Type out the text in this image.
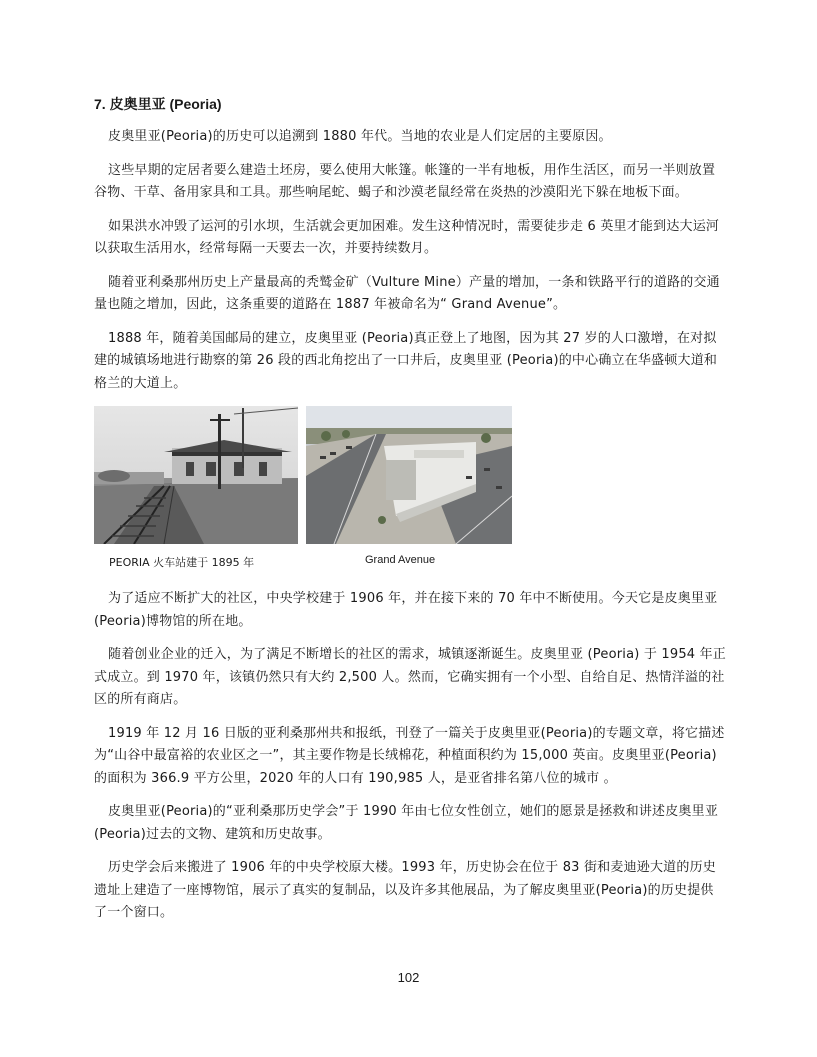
7. 皮奥里亚 (Peoria)

皮奥里亚(Peoria)的历史可以追溯到 1880 年代。当地的农业是人们定居的主要原因。

这些早期的定居者要么建造土坯房，要么使用大帐篷。帐篷的一半有地板，用作生活区，而另一半则放置谷物、干草、备用家具和工具。那些响尾蛇、蝎子和沙漠老鼠经常在炎热的沙漠阳光下躲在地板下面。

如果洪水冲毁了运河的引水坝，生活就会更加困难。发生这种情况时，需要徒步走 6 英里才能到达大运河以获取生活用水，经常每隔一天要去一次，并要持续数月。

随着亚利桑那州历史上产量最高的秃鹫金矿（Vulture Mine）产量的增加，一条和铁路平行的道路的交通量也随之增加，因此，这条重要的道路在 1887 年被命名为“ Grand Avenue”。

1888 年，随着美国邮局的建立，皮奥里亚 (Peoria)真正登上了地图，因为其 27 岁的人口激增，在对拟建的城镇场地进行勘察的第 26 段的西北角挖出了一口井后，皮奥里亚 (Peoria)的中心确立在华盛顿大道和格兰的大道上。

PEORIA 火车站建于 1895 年	Grand Avenue

为了适应不断扩大的社区，中央学校建于 1906 年，并在接下来的 70 年中不断使用。今天它是皮奥里亚(Peoria)博物馆的所在地。

随着创业企业的迁入，为了满足不断增长的社区的需求，城镇逐渐诞生。皮奥里亚 (Peoria) 于 1954 年正式成立。到 1970 年，该镇仍然只有大约 2,500 人。然而，它确实拥有一个小型、自给自足、热情洋溢的社区的所有商店。

1919 年 12 月 16 日版的亚利桑那州共和报纸，刊登了一篇关于皮奥里亚(Peoria)的专题文章，将它描述为“山谷中最富裕的农业区之一”，其主要作物是长绒棉花，种植面积约为 15,000 英亩。皮奥里亚(Peoria)的面积为 366.9 平方公里，2020 年的人口有 190,985 人，是亚省排名第八位的城市 。

皮奥里亚(Peoria)的“亚利桑那历史学会”于 1990 年由七位女性创立，她们的愿景是拯救和讲述皮奥里亚(Peoria)过去的文物、建筑和历史故事。

历史学会后来搬进了 1906 年的中央学校原大楼。1993 年，历史协会在位于 83 街和麦迪逊大道的历史遗址上建造了一座博物馆，展示了真实的复制品，以及许多其他展品，为了解皮奥里亚(Peoria)的历史提供了一个窗口。

102
